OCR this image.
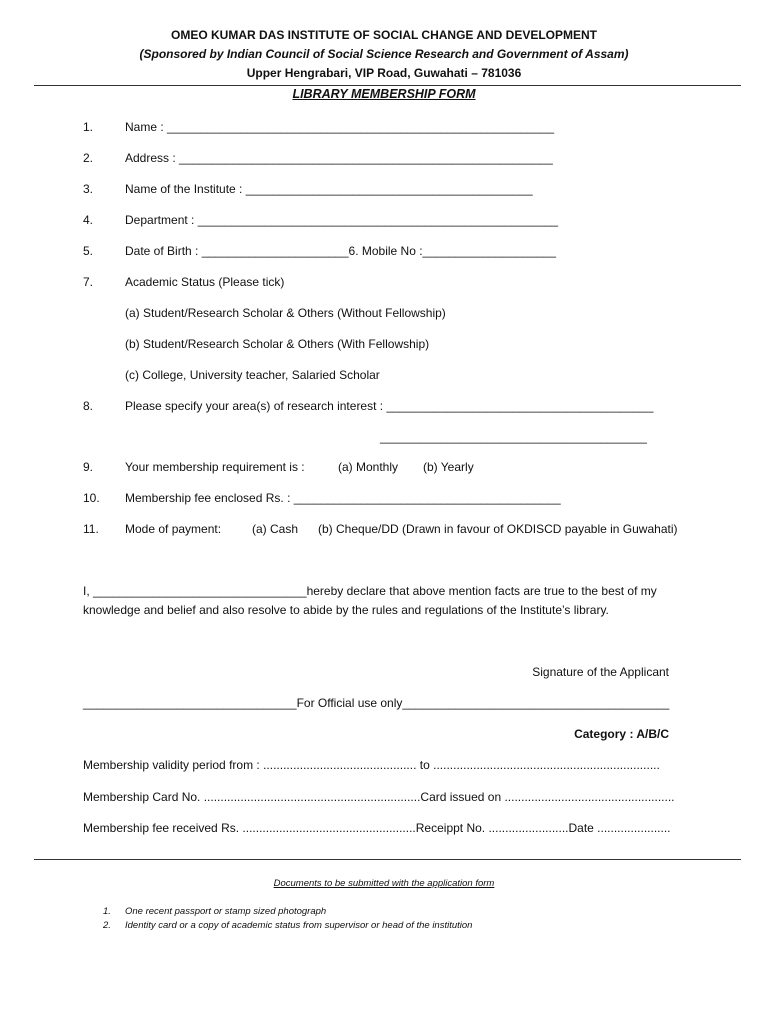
OMEO KUMAR DAS INSTITUTE OF SOCIAL CHANGE AND DEVELOPMENT
(Sponsored by Indian Council of Social Science Research and Government of Assam)
Upper Hengrabari, VIP Road, Guwahati – 781036
LIBRARY MEMBERSHIP FORM
1.	Name : __________________________________________________________
2.	Address : ________________________________________________________
3.	Name of the Institute : ___________________________________________
4.	Department : ______________________________________________________
5.	Date of Birth : ______________________6. Mobile No :____________________
7.	Academic Status (Please tick)
(a) Student/Research Scholar & Others (Without Fellowship)
(b) Student/Research Scholar & Others (With Fellowship)
(c) College, University teacher, Salaried Scholar
8.	Please specify your area(s) of research interest : ________________________________________
________________________________________
9.	Your membership requirement is :	(a) Monthly (b) Yearly
10. Membership fee enclosed Rs. : ________________________________________
11. Mode of payment:	(a) Cash (b) Cheque/DD (Drawn in favour of OKDISCD payable in Guwahati)
I, ________________________________hereby declare that above mention facts are true to the best of my
knowledge and belief and also resolve to abide by the rules and regulations of the Institute’s library.
Signature of the Applicant
________________________________For Official use only________________________________________
Category : A/B/C
Membership validity period from : .............................................. to ....................................................................
Membership Card No. .................................................................Card issued on ...................................................
Membership fee received Rs. ....................................................Receippt No. ........................Date ......................
Documents to be submitted with the application form
1. One recent passport or stamp sized photograph
2. Identity card or a copy of academic status from supervisor or head of the institution
